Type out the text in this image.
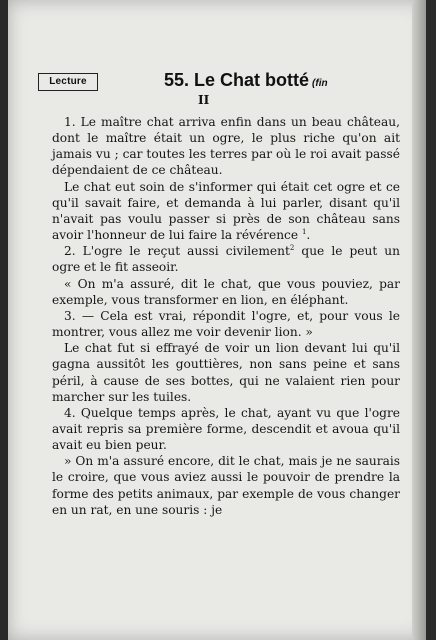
Lecture	55. Le Chat botté (fin
II

1. Le maître chat arriva enfin dans un beau château, dont le maître était un ogre, le plus riche qu'on ait jamais vu ; car toutes les terres par où le roi avait passé dépendaient de ce château.

Le chat eut soin de s'informer qui était cet ogre et ce qu'il savait faire, et demanda à lui parler, disant qu'il n'avait pas voulu passer si près de son château sans avoir l'honneur de lui faire la révérence $^1$.

2. L'ogre le reçut aussi civilement$^2$ que le peut un ogre et le fit asseoir.

« On m'a assuré, dit le chat, que vous pouviez, par exemple, vous transformer en lion, en éléphant.

3. — Cela est vrai, répondit l'ogre, et, pour vous le montrer, vous allez me voir devenir lion. »

Le chat fut si effrayé de voir un lion devant lui qu'il gagna aussitôt les gouttières, non sans peine et sans péril, à cause de ses bottes, qui ne valaient rien pour marcher sur les tuiles.

4. Quelque temps après, le chat, ayant vu que l'ogre avait repris sa première forme, descendit et avoua qu'il avait eu bien peur.

» On m'a assuré encore, dit le chat, mais je ne saurais le croire, que vous aviez aussi le pouvoir de prendre la forme des petits animaux, par exemple de vous changer en un rat, en une souris : je
